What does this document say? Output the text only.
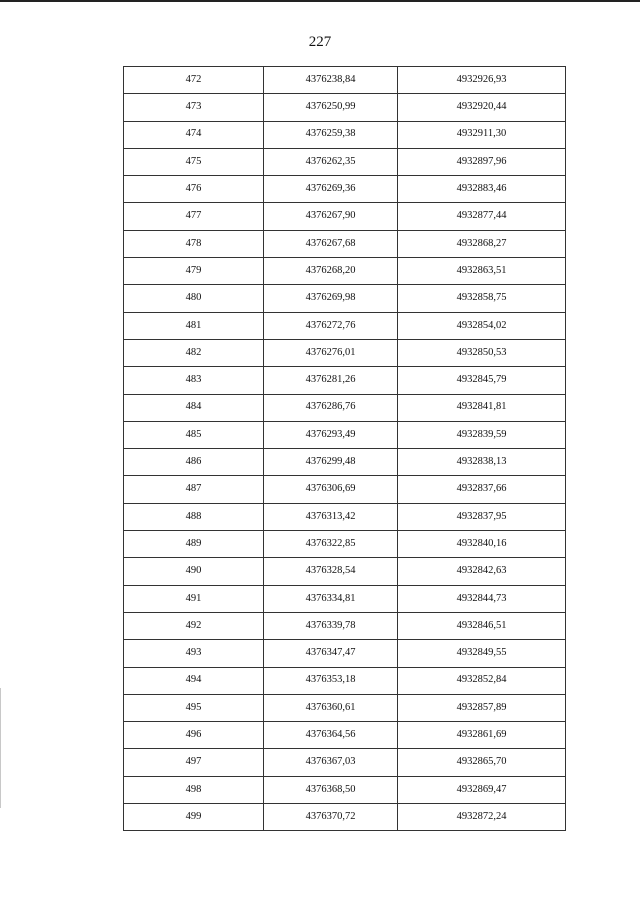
227
472	4376238,84	4932926,93
473	4376250,99	4932920,44
474	4376259,38	4932911,30
475	4376262,35	4932897,96
476	4376269,36	4932883,46
477	4376267,90	4932877,44
478	4376267,68	4932868,27
479	4376268,20	4932863,51
480	4376269,98	4932858,75
481	4376272,76	4932854,02
482	4376276,01	4932850,53
483	4376281,26	4932845,79
484	4376286,76	4932841,81
485	4376293,49	4932839,59
486	4376299,48	4932838,13
487	4376306,69	4932837,66
488	4376313,42	4932837,95
489	4376322,85	4932840,16
490	4376328,54	4932842,63
491	4376334,81	4932844,73
492	4376339,78	4932846,51
493	4376347,47	4932849,55
494	4376353,18	4932852,84
495	4376360,61	4932857,89
496	4376364,56	4932861,69
497	4376367,03	4932865,70
498	4376368,50	4932869,47
499	4376370,72	4932872,24
